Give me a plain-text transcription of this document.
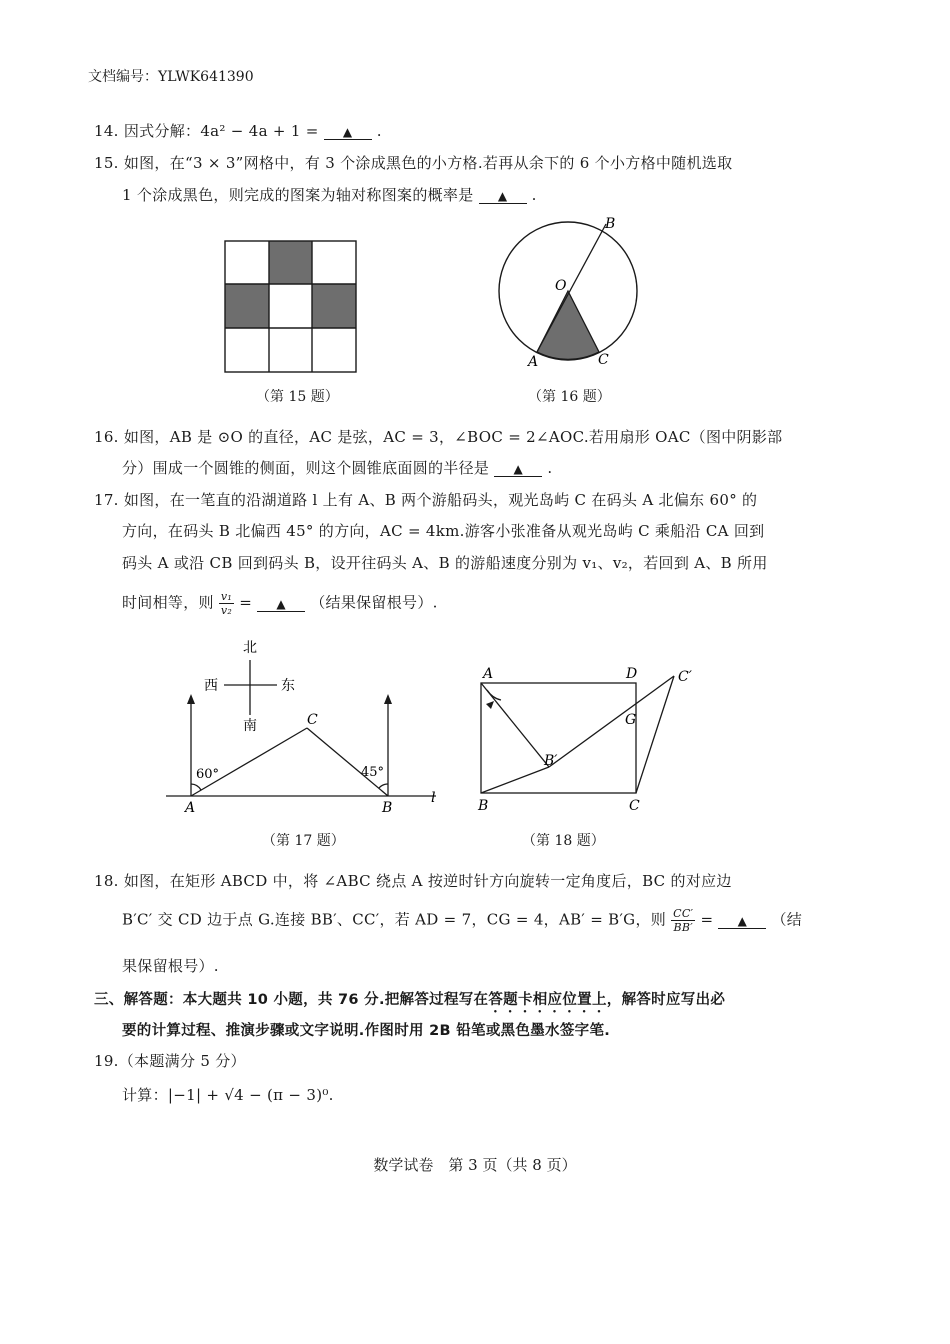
文档编号：YLWK641390
14. 因式分解：4a² − 4a + 1 = ▲ .
15. 如图，在“3 × 3”网格中，有 3 个涂成黑色的小方格.若再从余下的 6 个小方格中随机选取
1 个涂成黑色，则完成的图案为轴对称图案的概率是 ▲ .
（第 15 题）
B
O
A	C
（第 16 题）
16. 如图，AB 是 ⊙O 的直径，AC 是弦，AC = 3，∠BOC = 2∠AOC.若用扇形 OAC（图中阴影部
分）围成一个圆锥的侧面，则这个圆锥底面圆的半径是 ▲ .
17. 如图，在一笔直的沿湖道路 l 上有 A、B 两个游船码头，观光岛屿 C 在码头 A 北偏东 60° 的
方向，在码头 B 北偏西 45° 的方向，AC = 4km.游客小张准备从观光岛屿 C 乘船沿 CA 回到
码头 A 或沿 CB 回到码头 B，设开往码头 A、B 的游船速度分别为 v₁、v₂，若回到 A、B 所用
时间相等，则 $\frac{\text{v₁}}{\text{v₂}}$ = ▲ （结果保留根号）.
北
南
西	东
C
A	B
l
60°	45°
（第 17 题）
A	D	C′
G
B′
B	C
（第 18 题）
18. 如图，在矩形 ABCD 中，将 ∠ABC 绕点 A 按逆时针方向旋转一定角度后，BC 的对应边
B′C′ 交 CD 边于点 G.连接 BB′、CC′，若 AD = 7，CG = 4，AB′ = B′G，则 $\frac{CC'}{BB'}$ = ▲ （结
果保留根号）.
三、解答题：本大题共 10 小题，共 76 分.把解答过程写在答题卡相应位置上，解答时应写出必
要的计算过程、推演步骤或文字说明.作图时用 2B 铅笔或黑色墨水签字笔.
19.（本题满分 5 分）
计算：|−1| + √4 − (π − 3)⁰.
数学试卷　第 3 页（共 8 页）
